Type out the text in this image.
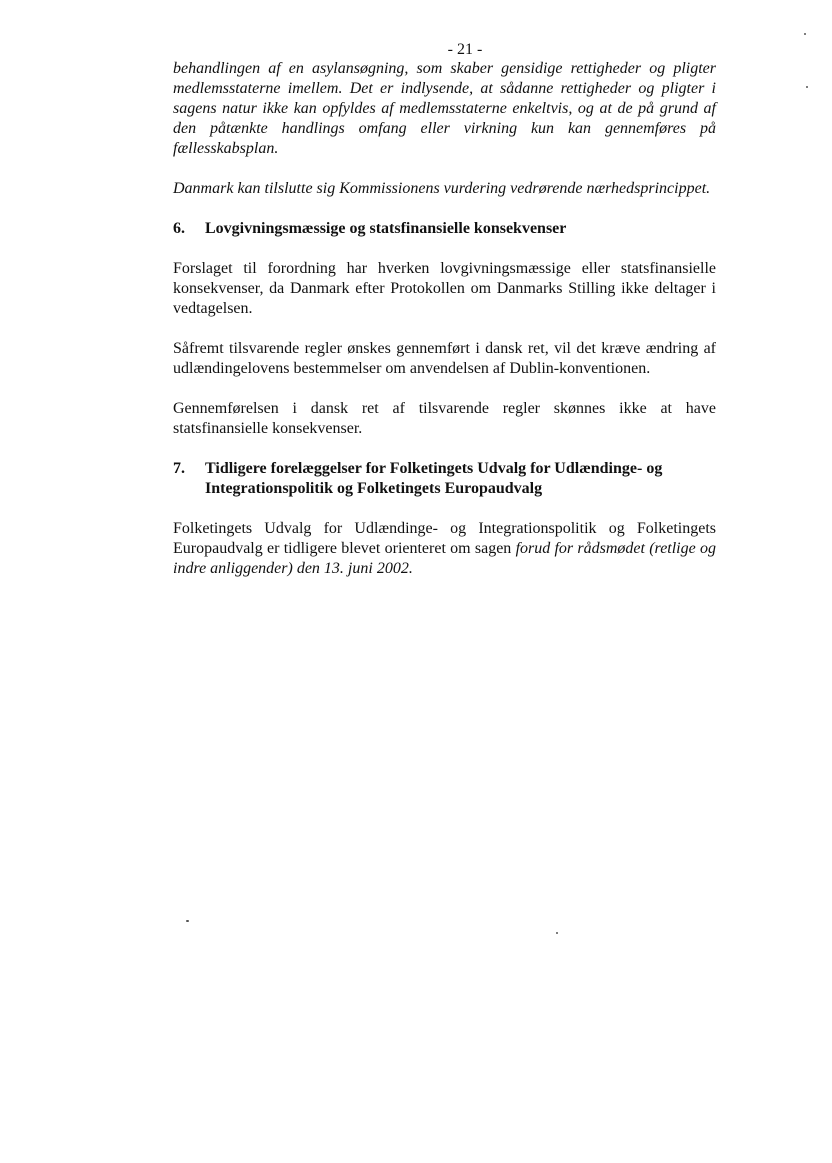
- 21 -

behandlingen af en asylansøgning, som skaber gensidige rettigheder og pligter medlemsstaterne imellem. Det er indlysende, at sådanne rettigheder og pligter i sagens natur ikke kan opfyldes af medlemsstaterne enkeltvis, og at de på grund af den påtænkte handlings omfang eller virkning kun kan gennemføres på fællesskabsplan.

Danmark kan tilslutte sig Kommissionens vurdering vedrørende nærhedsprincippet.

6.	Lovgivningsmæssige og statsfinansielle konsekvenser

Forslaget til forordning har hverken lovgivningsmæssige eller statsfinansielle konsekvenser, da Danmark efter Protokollen om Danmarks Stilling ikke deltager i vedtagelsen.

Såfremt tilsvarende regler ønskes gennemført i dansk ret, vil det kræve ændring af udlændingelovens bestemmelser om anvendelsen af Dublin-konventionen.

Gennemførelsen i dansk ret af tilsvarende regler skønnes ikke at have statsfinansielle konsekvenser.

7.	Tidligere forelæggelser for Folketingets Udvalg for Udlændinge- og Integrationspolitik og Folketingets Europaudvalg

Folketingets Udvalg for Udlændinge- og Integrationspolitik og Folketingets Europaudvalg er tidligere blevet orienteret om sagen forud for rådsmødet (retlige og indre anliggender) den 13. juni 2002.
